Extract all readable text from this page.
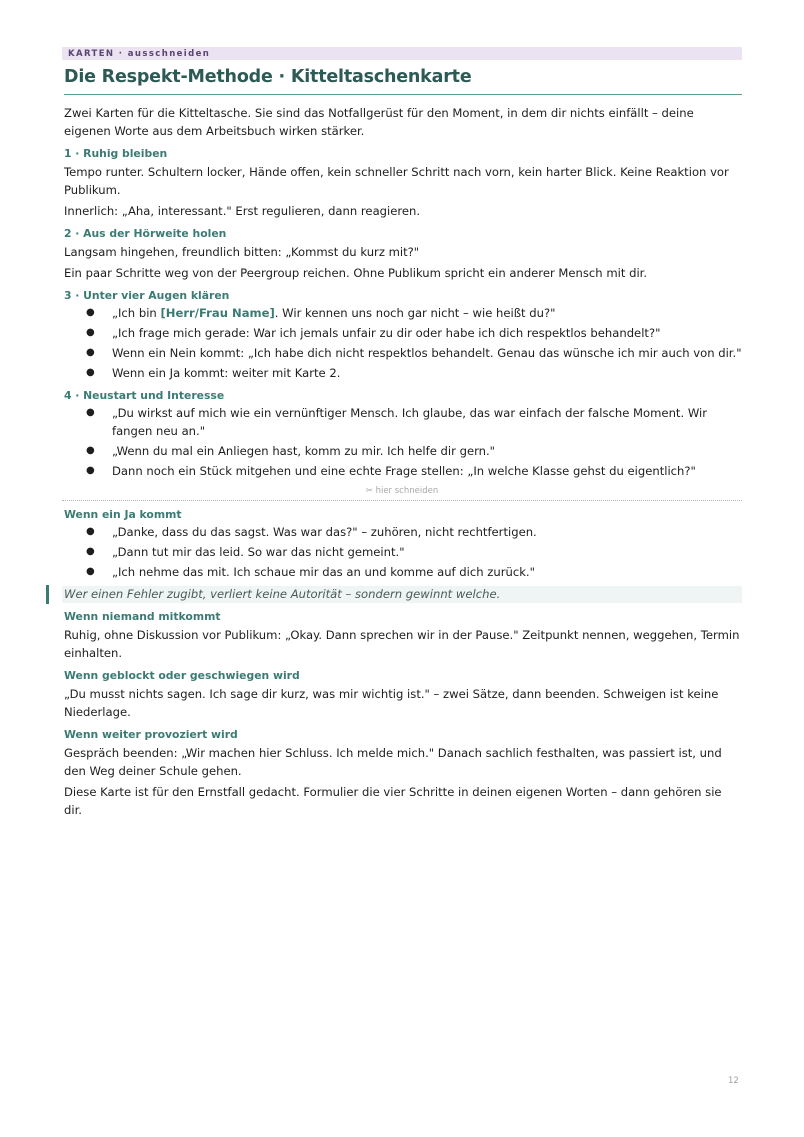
KARTEN · ausschneiden
Die Respekt-Methode · Kitteltaschenkarte

Zwei Karten für die Kitteltasche. Sie sind das Notfallgerüst für den Moment, in dem dir nichts einfällt – deine eigenen Worte aus dem Arbeitsbuch wirken stärker.

1 · Ruhig bleiben

Tempo runter. Schultern locker, Hände offen, kein schneller Schritt nach vorn, kein harter Blick. Keine Reaktion vor Publikum.

Innerlich: „Aha, interessant." Erst regulieren, dann reagieren.

2 · Aus der Hörweite holen

Langsam hingehen, freundlich bitten: „Kommst du kurz mit?"

Ein paar Schritte weg von der Peergroup reichen. Ohne Publikum spricht ein anderer Mensch mit dir.

3 · Unter vier Augen klären
● „Ich bin [Herr/Frau Name]. Wir kennen uns noch gar nicht – wie heißt du?"
● „Ich frage mich gerade: War ich jemals unfair zu dir oder habe ich dich respektlos behandelt?"
● Wenn ein Nein kommt: „Ich habe dich nicht respektlos behandelt. Genau das wünsche ich mir auch von dir."
● Wenn ein Ja kommt: weiter mit Karte 2.
4 · Neustart und Interesse
● „Du wirkst auf mich wie ein vernünftiger Mensch. Ich glaube, das war einfach der falsche Moment. Wir fangen neu an."
● „Wenn du mal ein Anliegen hast, komm zu mir. Ich helfe dir gern."
● Dann noch ein Stück mitgehen und eine echte Frage stellen: „In welche Klasse gehst du eigentlich?"
✂ hier schneiden
Wenn ein Ja kommt
● „Danke, dass du das sagst. Was war das?" – zuhören, nicht rechtfertigen.
● „Dann tut mir das leid. So war das nicht gemeint."
● „Ich nehme das mit. Ich schaue mir das an und komme auf dich zurück."
Wer einen Fehler zugibt, verliert keine Autorität – sondern gewinnt welche.
Wenn niemand mitkommt

Ruhig, ohne Diskussion vor Publikum: „Okay. Dann sprechen wir in der Pause." Zeitpunkt nennen, weggehen, Termin einhalten.

Wenn geblockt oder geschwiegen wird

„Du musst nichts sagen. Ich sage dir kurz, was mir wichtig ist." – zwei Sätze, dann beenden. Schweigen ist keine Niederlage.

Wenn weiter provoziert wird

Gespräch beenden: „Wir machen hier Schluss. Ich melde mich." Danach sachlich festhalten, was passiert ist, und den Weg deiner Schule gehen.

Diese Karte ist für den Ernstfall gedacht. Formulier die vier Schritte in deinen eigenen Worten – dann gehören sie dir.

12
